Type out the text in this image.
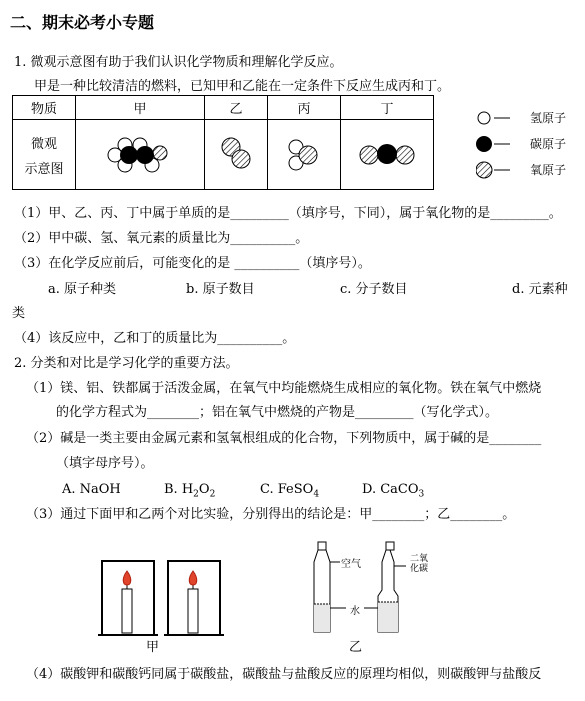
二、期末必考小专题
1. 微观示意图有助于我们认识化学物质和理解化学反应。
甲是一种比较清洁的燃料，已知甲和乙能在一定条件下反应生成丙和丁。
物质	甲	乙	丙	丁

微观
示意图

氢原子
碳原子
氧原子
（1）甲、乙、丙、丁中属于单质的是_________（填序号，下同），属于氧化物的是_________。
（2）甲中碳、氢、氧元素的质量比为__________。
（3）在化学反应前后，可能变化的是 __________（填序号）。
a. 原子种类	b. 原子数目	c. 分子数目	d. 元素种
类
（4）该反应中，乙和丁的质量比为__________。
2. 分类和对比是学习化学的重要方法。
（1）镁、铝、铁都属于活泼金属，在氧气中均能燃烧生成相应的氧化物。铁在氧气中燃烧
的化学方程式为________；铝在氧气中燃烧的产物是_________（写化学式）。
（2）碱是一类主要由金属元素和氢氧根组成的化合物，下列物质中，属于碱的是________
（填字母序号）。
A. NaOH	B. $H_2O_2$	C. FeSO$_4$	D. CaCO$_3$
（3）通过下面甲和乙两个对比实验，分别得出的结论是：甲________；乙________。
空气	二氧
化碳
水
甲	乙
（4）碳酸钾和碳酸钙同属于碳酸盐，碳酸盐与盐酸反应的原理均相似，则碳酸钾与盐酸反
